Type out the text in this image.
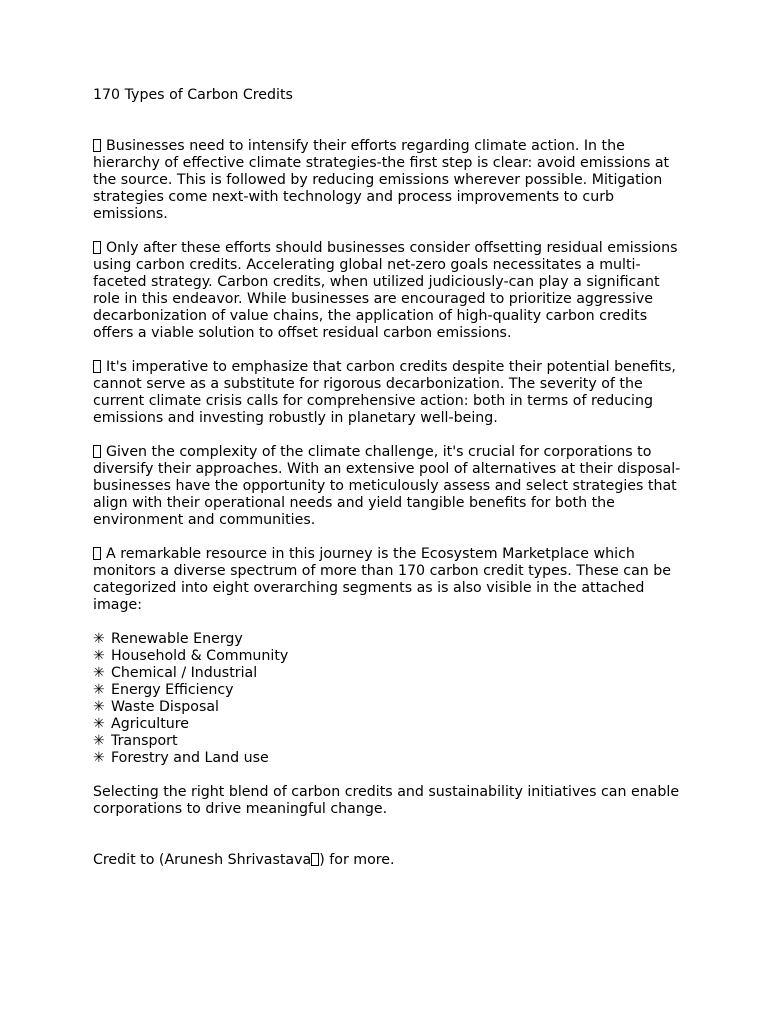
170 Types of Carbon Credits
Businesses need to intensify their efforts regarding climate action. In the hierarchy of effective climate strategies-the first step is clear: avoid emissions at the source. This is followed by reducing emissions wherever possible. Mitigation strategies come next-with technology and process improvements to curb emissions.
Only after these efforts should businesses consider offsetting residual emissions using carbon credits. Accelerating global net-zero goals necessitates a multi-faceted strategy. Carbon credits, when utilized judiciously-can play a significant role in this endeavor. While businesses are encouraged to prioritize aggressive decarbonization of value chains, the application of high-quality carbon credits offers a viable solution to offset residual carbon emissions.
It's imperative to emphasize that carbon credits despite their potential benefits, cannot serve as a substitute for rigorous decarbonization. The severity of the current climate crisis calls for comprehensive action: both in terms of reducing emissions and investing robustly in planetary well-being.
Given the complexity of the climate challenge, it's crucial for corporations to diversify their approaches. With an extensive pool of alternatives at their disposal-businesses have the opportunity to meticulously assess and select strategies that align with their operational needs and yield tangible benefits for both the environment and communities.
A remarkable resource in this journey is the Ecosystem Marketplace which monitors a diverse spectrum of more than 170 carbon credit types. These can be categorized into eight overarching segments as is also visible in the attached image:
✳ Renewable Energy
✳ Household & Community
✳ Chemical / Industrial
✳ Energy Efficiency
✳ Waste Disposal
✳ Agriculture
✳ Transport
✳ Forestry and Land use
Selecting the right blend of carbon credits and sustainability initiatives can enable corporations to drive meaningful change.
Credit to (Arunesh Shrivastava ) for more.
